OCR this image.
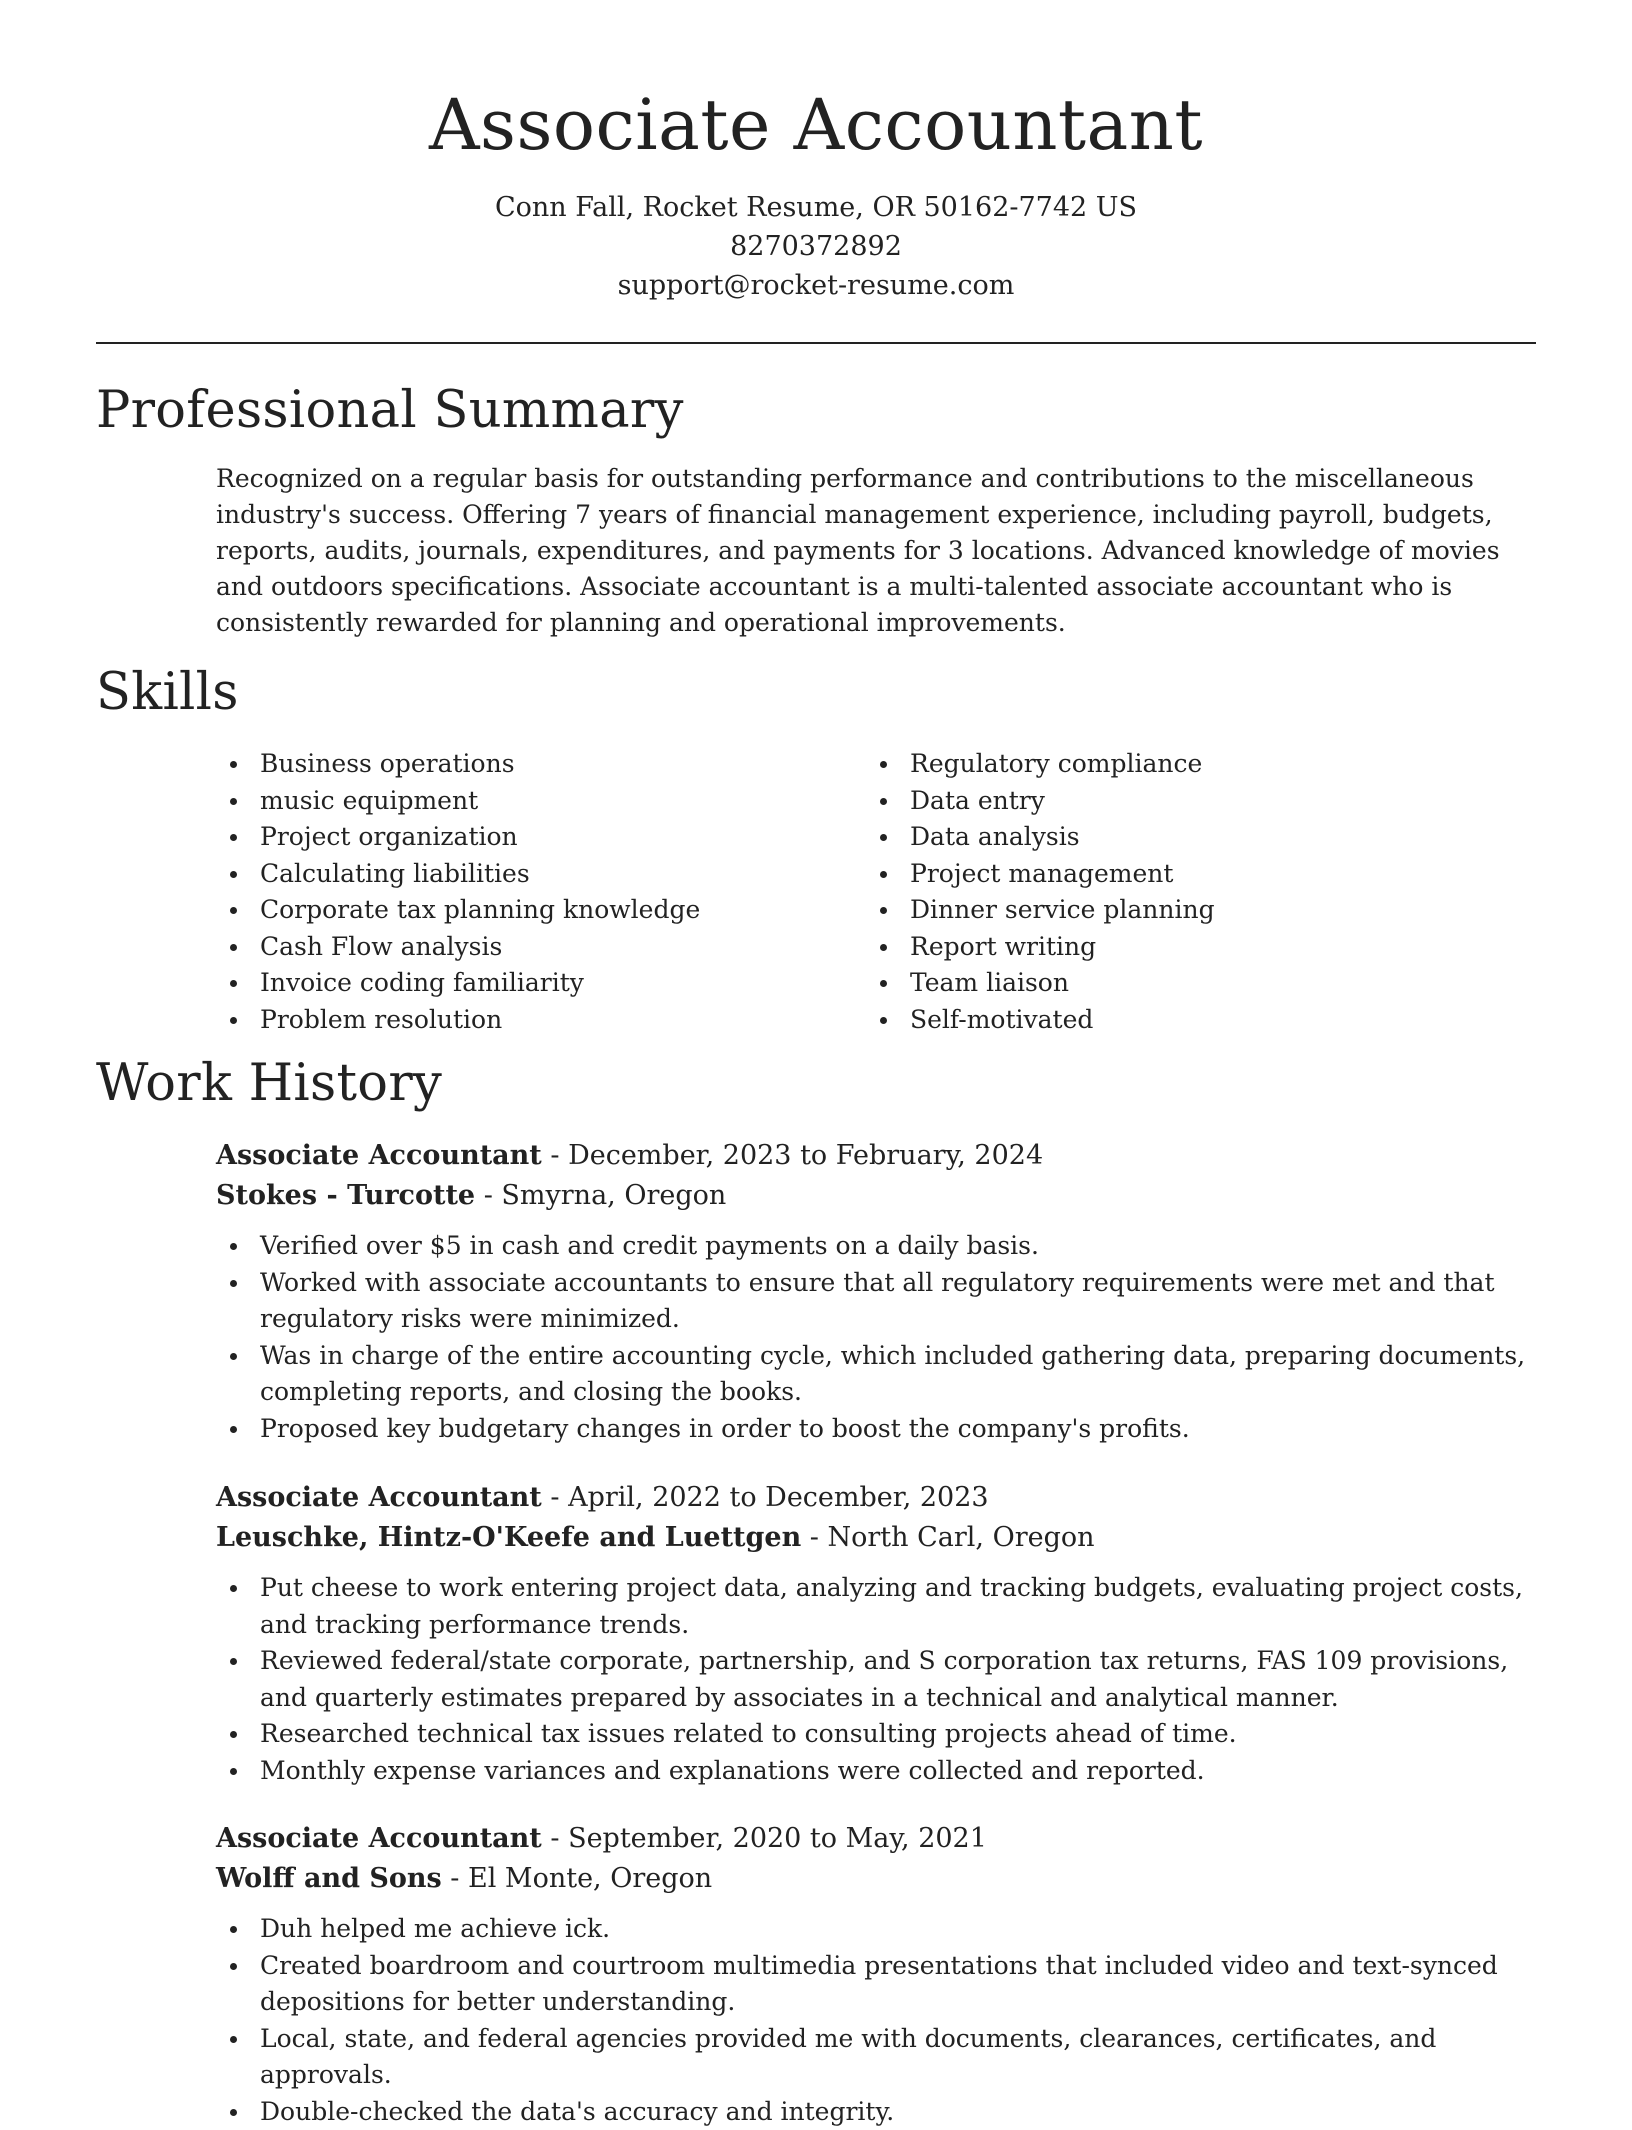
Associate Accountant

Conn Fall, Rocket Resume, OR 50162-7742 US

8270372892

support@rocket-resume.com

Professional Summary

Recognized on a regular basis for outstanding performance and contributions to the miscellaneous industry's success. Offering 7 years of financial management experience, including payroll, budgets, reports, audits, journals, expenditures, and payments for 3 locations. Advanced knowledge of movies and outdoors specifications. Associate accountant is a multi-talented associate accountant who is consistently rewarded for planning and operational improvements.

Skills
Business operations
music equipment
Project organization
Calculating liabilities
Corporate tax planning knowledge
Cash Flow analysis
Invoice coding familiarity
Problem resolution
Regulatory compliance
Data entry
Data analysis
Project management
Dinner service planning
Report writing
Team liaison
Self-motivated
Work History

Associate Accountant - December, 2023 to February, 2024

Stokes - Turcotte - Smyrna, Oregon

Verified over $5 in cash and credit payments on a daily basis.
Worked with associate accountants to ensure that all regulatory requirements were met and that regulatory risks were minimized.
Was in charge of the entire accounting cycle, which included gathering data, preparing documents, completing reports, and closing the books.
Proposed key budgetary changes in order to boost the company's profits.

Associate Accountant - April, 2022 to December, 2023

Leuschke, Hintz-O'Keefe and Luettgen - North Carl, Oregon

Put cheese to work entering project data, analyzing and tracking budgets, evaluating project costs, and tracking performance trends.
Reviewed federal/state corporate, partnership, and S corporation tax returns, FAS 109 provisions, and quarterly estimates prepared by associates in a technical and analytical manner.
Researched technical tax issues related to consulting projects ahead of time.
Monthly expense variances and explanations were collected and reported.

Associate Accountant - September, 2020 to May, 2021

Wolff and Sons - El Monte, Oregon

Duh helped me achieve ick.
Created boardroom and courtroom multimedia presentations that included video and text-synced depositions for better understanding.
Local, state, and federal agencies provided me with documents, clearances, certificates, and approvals.
Double-checked the data's accuracy and integrity.
